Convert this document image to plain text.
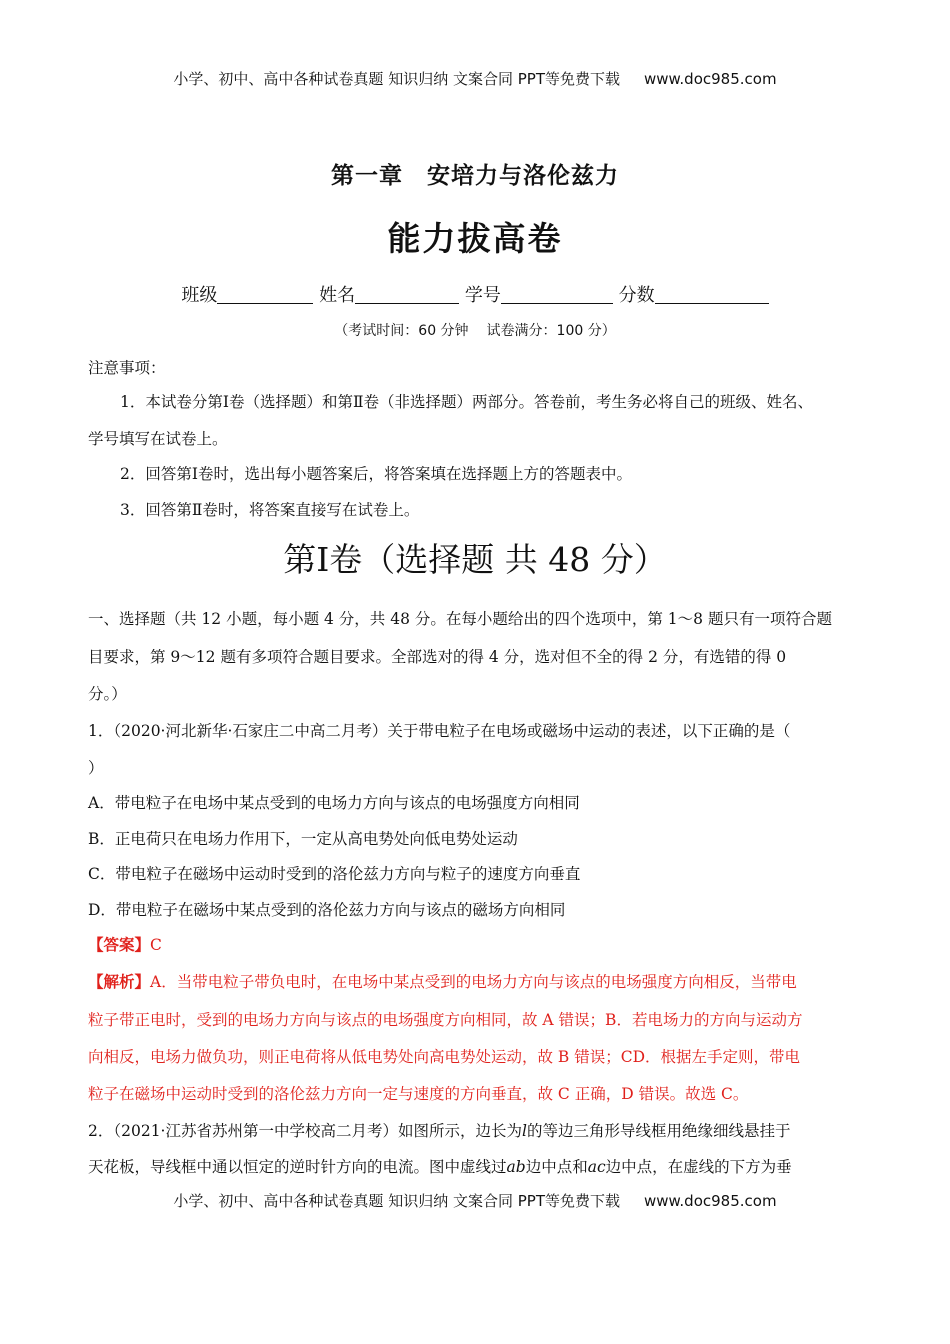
小学、初中、高中各种试卷真题 知识归纳 文案合同 PPT等免费下载 www.doc985.com
第一章 安培力与洛伦兹力
能力拔高卷
班级	姓名	学号	分数
（考试时间：60 分钟 试卷满分：100 分）
注意事项：
1．本试卷分第Ⅰ卷（选择题）和第Ⅱ卷（非选择题）两部分。答卷前，考生务必将自己的班级、姓名、
学号填写在试卷上。
2．回答第Ⅰ卷时，选出每小题答案后，将答案填在选择题上方的答题表中。
3．回答第Ⅱ卷时，将答案直接写在试卷上。
第Ⅰ卷（选择题 共 48 分）
一、选择题（共 12 小题，每小题 4 分，共 48 分。在每小题给出的四个选项中，第 1～8 题只有一项符合题
目要求，第 9～12 题有多项符合题目要求。全部选对的得 4 分，选对但不全的得 2 分，有选错的得 0
分。）
1．（2020·河北新华·石家庄二中高二月考）关于带电粒子在电场或磁场中运动的表述，以下正确的是（
）
A．带电粒子在电场中某点受到的电场力方向与该点的电场强度方向相同
B．正电荷只在电场力作用下，一定从高电势处向低电势处运动
C．带电粒子在磁场中运动时受到的洛伦兹力方向与粒子的速度方向垂直
D．带电粒子在磁场中某点受到的洛伦兹力方向与该点的磁场方向相同
【答案】C
【解析】A．当带电粒子带负电时，在电场中某点受到的电场力方向与该点的电场强度方向相反，当带电
粒子带正电时，受到的电场力方向与该点的电场强度方向相同，故 A 错误；B．若电场力的方向与运动方
向相反，电场力做负功，则正电荷将从低电势处向高电势处运动，故 B 错误；CD．根据左手定则，带电
粒子在磁场中运动时受到的洛伦兹力方向一定与速度的方向垂直，故 C 正确，D 错误。故选 C。
2．（2021·江苏省苏州第一中学校高二月考）如图所示，边长为l的等边三角形导线框用绝缘细线悬挂于
天花板，导线框中通以恒定的逆时针方向的电流。图中虚线过ab边中点和ac边中点，在虚线的下方为垂
小学、初中、高中各种试卷真题 知识归纳 文案合同 PPT等免费下载 www.doc985.com
